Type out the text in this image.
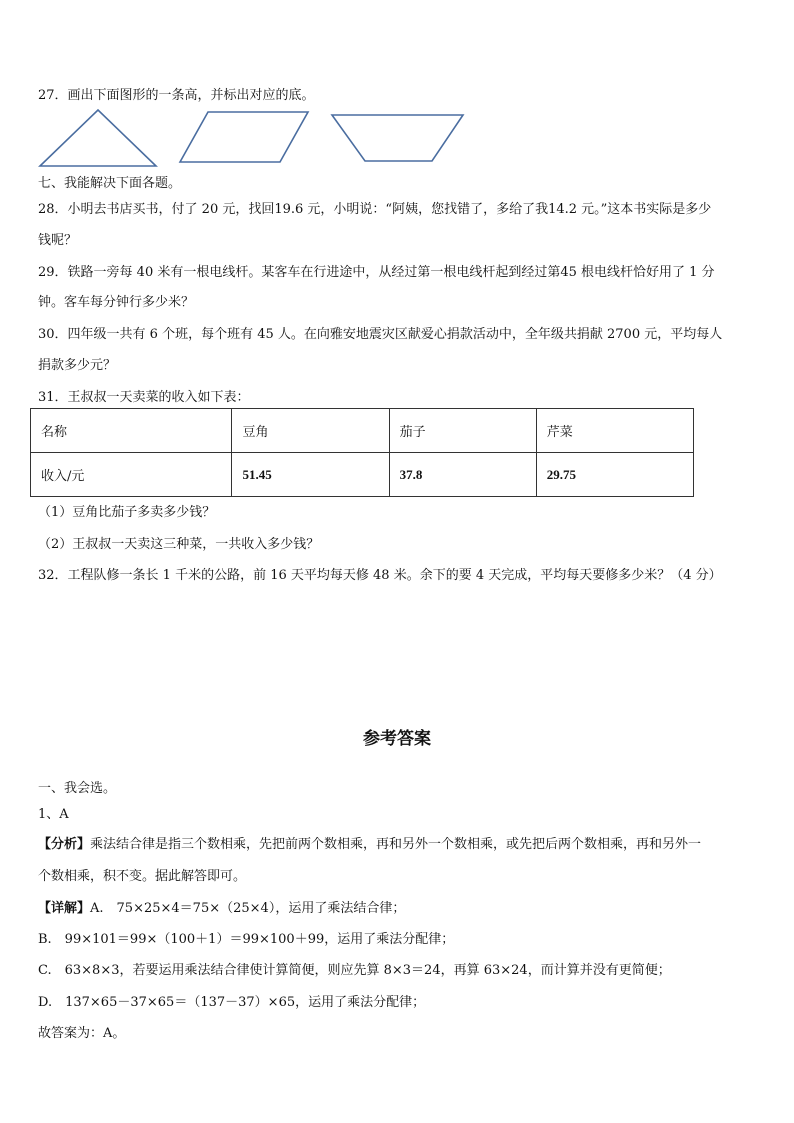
27．画出下面图形的一条高，并标出对应的底。
七、我能解决下面各题。
28．小明去书店买书，付了 20 元，找回19.6 元，小明说：“阿姨，您找错了，多给了我14.2 元。”这本书实际是多少
钱呢？
29．铁路一旁每 40 米有一根电线杆。某客车在行进途中，从经过第一根电线杆起到经过第45 根电线杆恰好用了 1 分
钟。客车每分钟行多少米？
30．四年级一共有 6 个班，每个班有 45 人。在向雅安地震灾区献爱心捐款活动中，全年级共捐献 2700 元，平均每人
捐款多少元？
31．王叔叔一天卖菜的收入如下表：
名称	豆角	茄子	芹菜
收入/元	51.45	37.8	29.75
（1）豆角比茄子多卖多少钱？
（2）王叔叔一天卖这三种菜，一共收入多少钱？
32．工程队修一条长 1 千米的公路，前 16 天平均每天修 48 米。余下的要 4 天完成，平均每天要修多少米？（4 分）
参考答案
一、我会选。
1、A
【分析】乘法结合律是指三个数相乘，先把前两个数相乘，再和另外一个数相乘，或先把后两个数相乘，再和另外一
个数相乘，积不变。据此解答即可。
【详解】A.　75×25×4＝75×（25×4），运用了乘法结合律；
B.　99×101＝99×（100＋1）＝99×100＋99，运用了乘法分配律；
C.　63×8×3，若要运用乘法结合律使计算简便，则应先算 8×3＝24，再算 63×24，而计算并没有更简便；
D.　137×65－37×65＝（137－37）×65，运用了乘法分配律；
故答案为：A。
